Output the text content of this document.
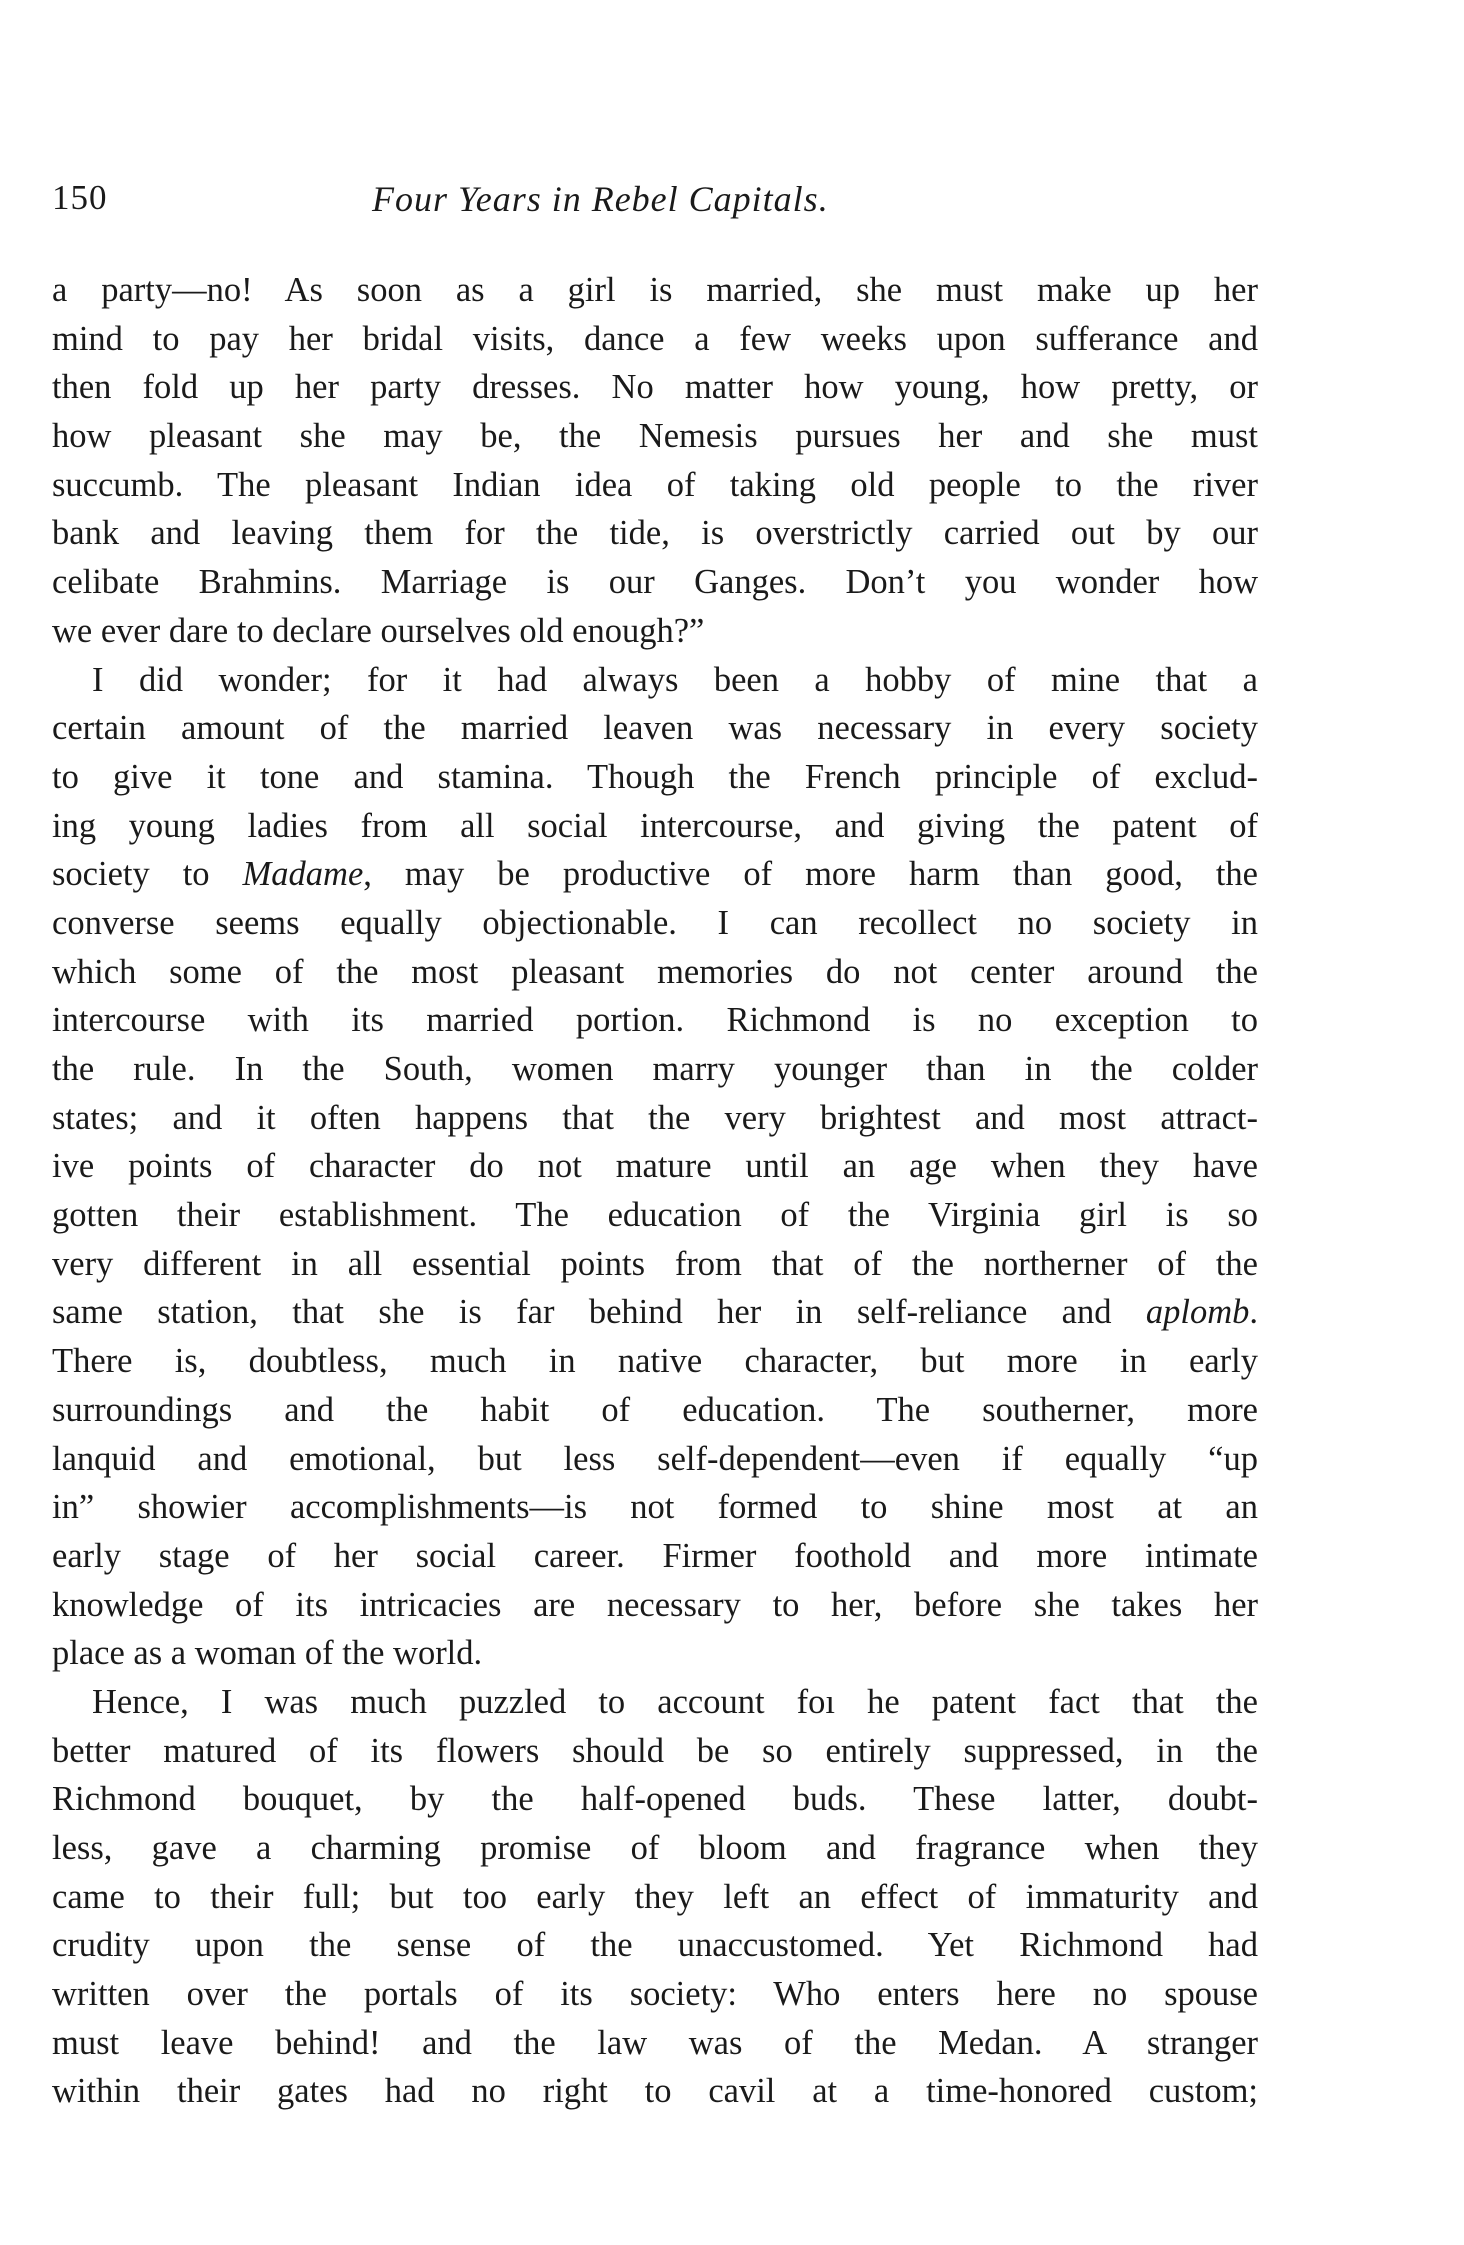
150	Four Years in Rebel Capitals.
a party—no! As soon as a girl is married, she must make up her
mind to pay her bridal visits, dance a few weeks upon sufferance and
then fold up her party dresses. No matter how young, how pretty, or
how pleasant she may be, the Nemesis pursues her and she must
succumb. The pleasant Indian idea of taking old people to the river
bank and leaving them for the tide, is overstrictly carried out by our
celibate Brahmins. Marriage is our Ganges. Don’t you wonder how
we ever dare to declare ourselves old enough?”
I did wonder; for it had always been a hobby of mine that a
certain amount of the married leaven was necessary in every society
to give it tone and stamina. Though the French principle of exclud-
ing young ladies from all social intercourse, and giving the patent of
society to Madame, may be productive of more harm than good, the
converse seems equally objectionable. I can recollect no society in
which some of the most pleasant memories do not center around the
intercourse with its married portion. Richmond is no exception to
the rule. In the South, women marry younger than in the colder
states; and it often happens that the very brightest and most attract-
ive points of character do not mature until an age when they have
gotten their establishment. The education of the Virginia girl is so
very different in all essential points from that of the northerner of the
same station, that she is far behind her in self-reliance and aplomb.
There is, doubtless, much in native character, but more in early
surroundings and the habit of education. The southerner, more
lanquid and emotional, but less self-dependent—even if equally “up
in” showier accomplishments—is not formed to shine most at an
early stage of her social career. Firmer foothold and more intimate
knowledge of its intricacies are necessary to her, before she takes her
place as a woman of the world.
Hence, I was much puzzled to account foı he patent fact that the
better matured of its flowers should be so entirely suppressed, in the
Richmond bouquet, by the half-opened buds. These latter, doubt-
less, gave a charming promise of bloom and fragrance when they
came to their full; but too early they left an effect of immaturity and
crudity upon the sense of the unaccustomed. Yet Richmond had
written over the portals of its society: Who enters here no spouse
must leave behind! and the law was of the Medan. A stranger
within their gates had no right to cavil at a time-honored custom;
